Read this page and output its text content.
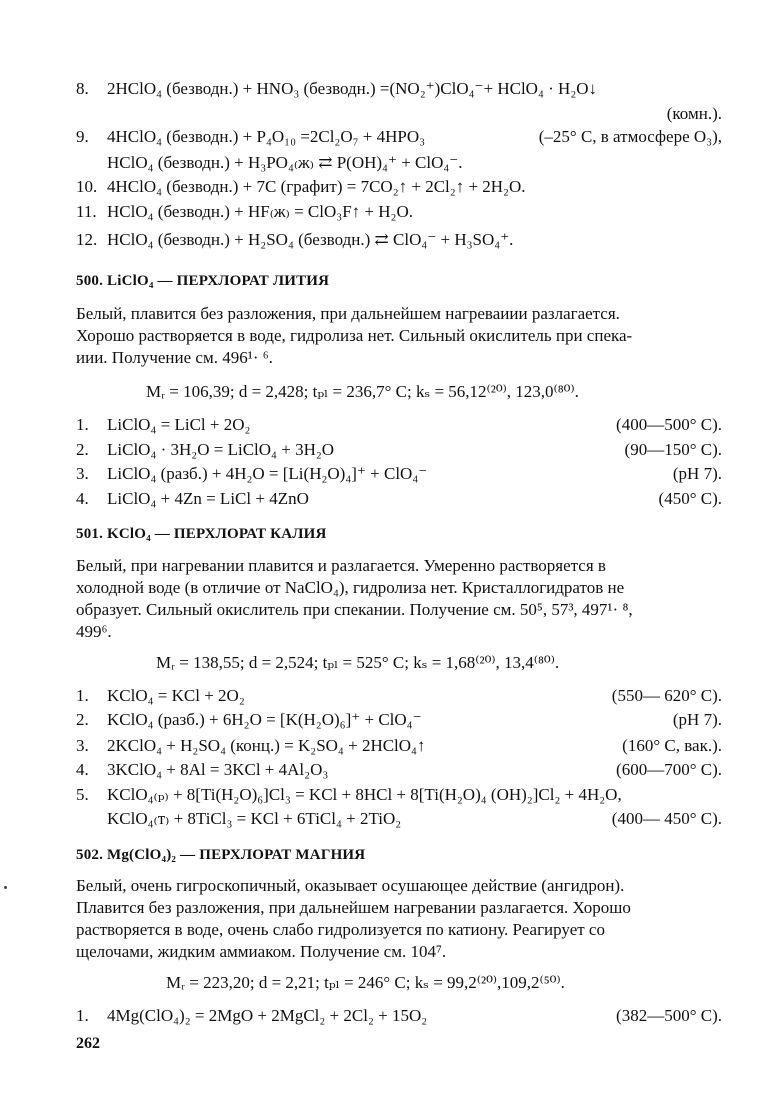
8. 2HClO₄ (безводн.) + HNO₃ (безводн.) =(NO₂⁺)ClO₄⁻+ HClO₄ · H₂O↓
(комн.).
9. 4HClO₄ (безводн.) + P₄O₁₀ =2Cl₂O₇ + 4HPO₃	(–25° C, в атмосфере O₃),
HClO₄ (безводн.) + H₃PO₄₍ж₎ ⇄ P(OH)₄⁺ + ClO₄⁻.
10. 4HClO₄ (безводн.) + 7C (графит) = 7CO₂↑ + 2Cl₂↑ + 2H₂O.
11. HClO₄ (безводн.) + HF₍ж₎ = ClO₃F↑ + H₂O.
12. HClO₄ (безводн.) + H₂SO₄ (безводн.) ⇄ ClO₄⁻ + H₃SO₄⁺.
500. LiClO₄ — ПЕРХЛОРАТ ЛИТИЯ

Белый, плавится без разложения, при дальнейшем нагреваиии разлагается.

Хорошо растворяется в воде, гидролиза нет. Сильный окислитель при спека-

иии. Получение см. 496¹· ⁶.

Mᵣ = 106,39; d = 2,428; tₚₗ = 236,7° C; kₛ = 56,12⁽²⁰⁾, 123,0⁽⁸⁰⁾.
1. LiClO₄ = LiCl + 2O₂	(400—500° C).
2. LiClO₄ · 3H₂O = LiClO₄ + 3H₂O	(90—150° C).
3. LiClO₄ (разб.) + 4H₂O = [Li(H₂O)₄]⁺ + ClO₄⁻	(pH 7).
4. LiClO₄ + 4Zn = LiCl + 4ZnO	(450° C).
501. KClO₄ — ПЕРХЛОРАТ КАЛИЯ

Белый, при нагревании плавится и разлагается. Умеренно растворяется в

холодной воде (в отличие от NaClO₄), гидролиза нет. Кристаллогидратов не

образует. Сильный окислитель при спекании. Получение см. 50⁵, 57³, 497¹· ⁸,

499⁶.

Mᵣ = 138,55; d = 2,524; tₚₗ = 525° C; kₛ = 1,68⁽²⁰⁾, 13,4⁽⁸⁰⁾.
1. KClO₄ = KCl + 2O₂	(550— 620° C).
2. KClO₄ (разб.) + 6H₂O = [K(H₂O)₆]⁺ + ClO₄⁻	(pH 7).
3. 2KClO₄ + H₂SO₄ (конц.) = K₂SO₄ + 2HClO₄↑	(160° C, вак.).
4. 3KClO₄ + 8Al = 3KCl + 4Al₂O₃	(600—700° C).
5. KClO₄₍ₚ₎ + 8[Ti(H₂O)₆]Cl₃ = KCl + 8HCl + 8[Ti(H₂O)₄ (OH)₂]Cl₂ + 4H₂O,
KClO₄₍т₎ + 8TiCl₃ = KCl + 6TiCl₄ + 2TiO₂	(400— 450° C).
502. Mg(ClO₄)₂ — ПЕРХЛОРАТ МАГНИЯ

Белый, очень гигроскопичный, оказывает осушающее действие (ангидрон).

Плавится без разложения, при дальнейшем нагревании разлагается. Хорошо

растворяется в воде, очень слабо гидролизуется по катиону. Реагирует со

щелочами, жидким аммиаком. Получение см. 104⁷.

Mᵣ = 223,20; d = 2,21; tₚₗ = 246° C; kₛ = 99,2⁽²⁰⁾,109,2⁽⁵⁰⁾.
1. 4Mg(ClO₄)₂ = 2MgO + 2MgCl₂ + 2Cl₂ + 15O₂	(382—500° C).
262
